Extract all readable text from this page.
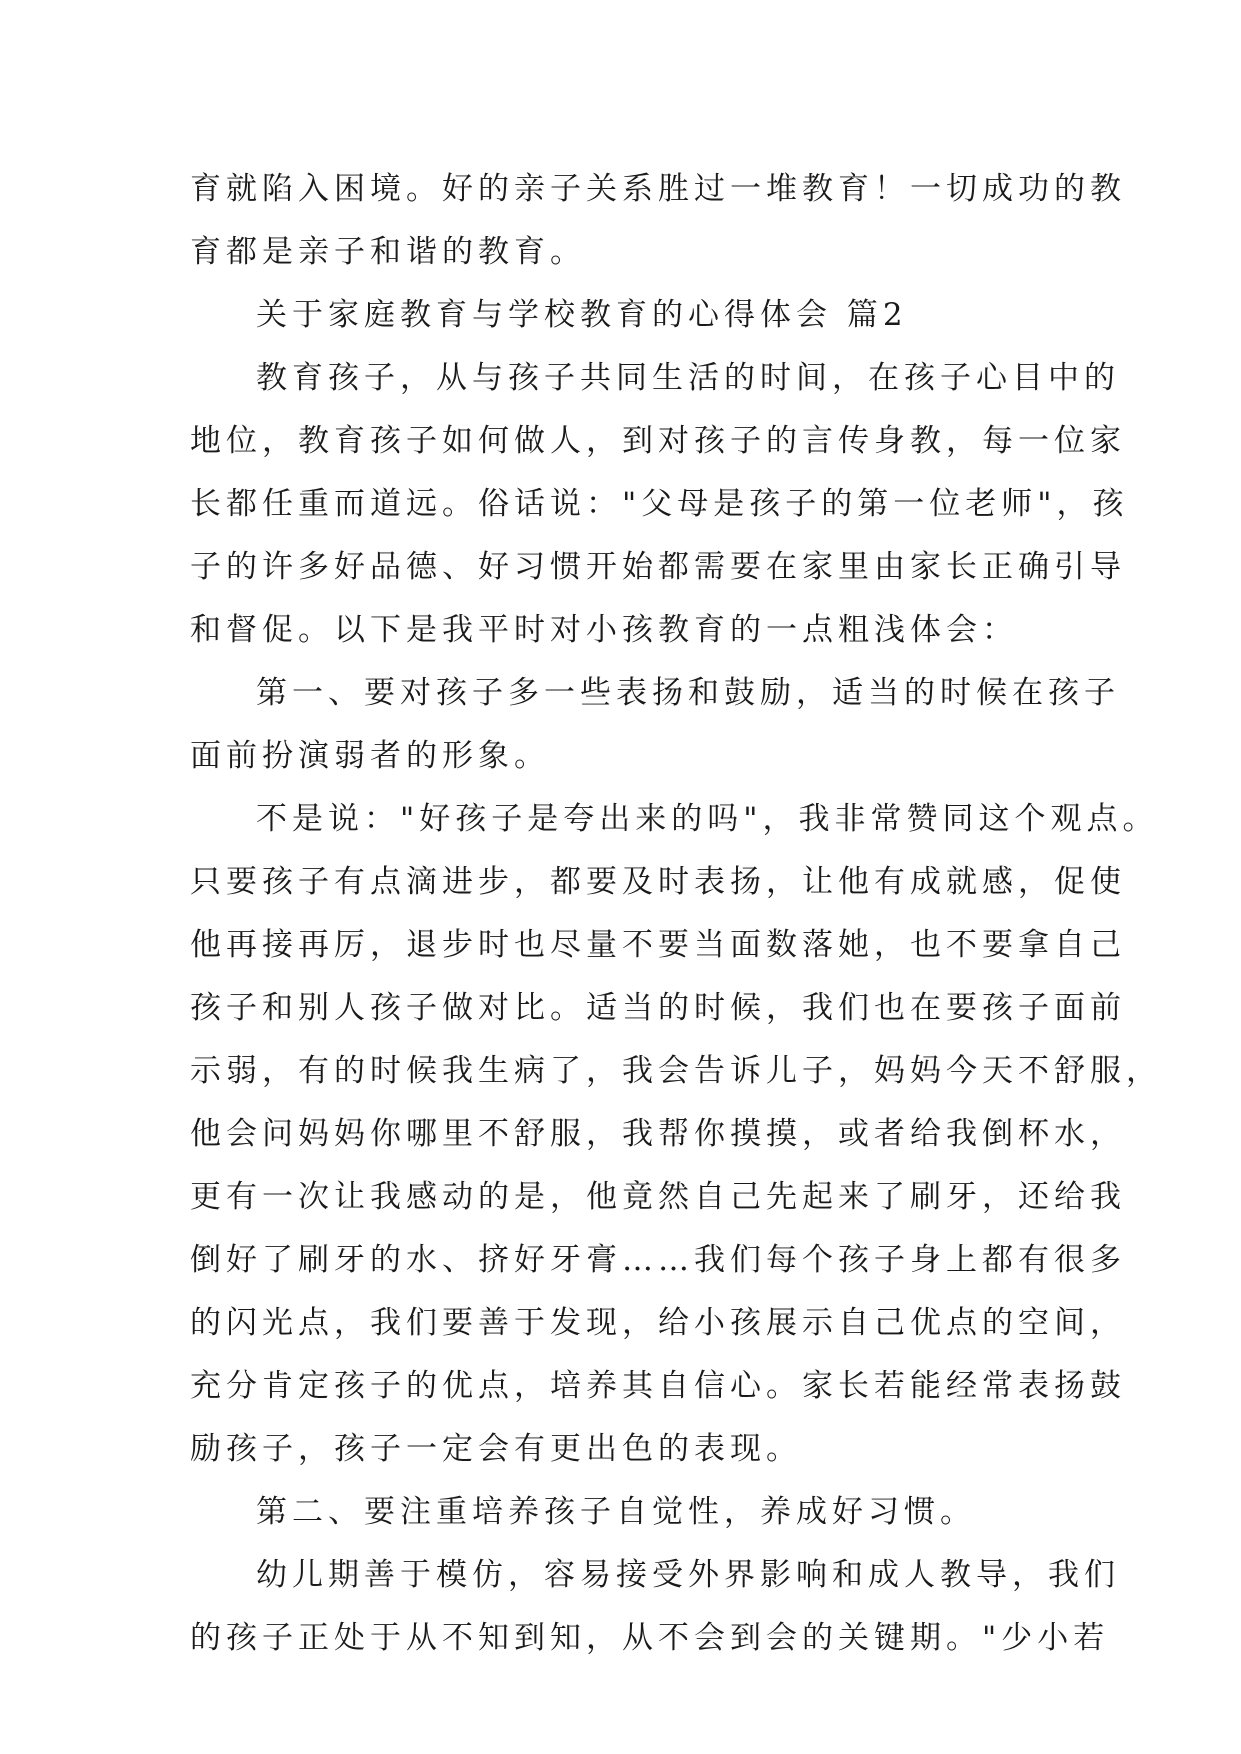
育就陷入困境。好的亲子关系胜过一堆教育！一切成功的教
育都是亲子和谐的教育。
关于家庭教育与学校教育的心得体会 篇2
教育孩子，从与孩子共同生活的时间，在孩子心目中的
地位，教育孩子如何做人，到对孩子的言传身教，每一位家
长都任重而道远。俗话说："父母是孩子的第一位老师"，孩
子的许多好品德、好习惯开始都需要在家里由家长正确引导
和督促。以下是我平时对小孩教育的一点粗浅体会：
第一、要对孩子多一些表扬和鼓励，适当的时候在孩子
面前扮演弱者的形象。
不是说："好孩子是夸出来的吗"，我非常赞同这个观点。
只要孩子有点滴进步，都要及时表扬，让他有成就感，促使
他再接再厉，退步时也尽量不要当面数落她，也不要拿自己
孩子和别人孩子做对比。适当的时候，我们也在要孩子面前
示弱，有的时候我生病了，我会告诉儿子，妈妈今天不舒服，
他会问妈妈你哪里不舒服，我帮你摸摸，或者给我倒杯水，
更有一次让我感动的是，他竟然自己先起来了刷牙，还给我
倒好了刷牙的水、挤好牙膏……我们每个孩子身上都有很多
的闪光点，我们要善于发现，给小孩展示自己优点的空间，
充分肯定孩子的优点，培养其自信心。家长若能经常表扬鼓
励孩子，孩子一定会有更出色的表现。
第二、要注重培养孩子自觉性，养成好习惯。
幼儿期善于模仿，容易接受外界影响和成人教导，我们
的孩子正处于从不知到知，从不会到会的关键期。"少小若
